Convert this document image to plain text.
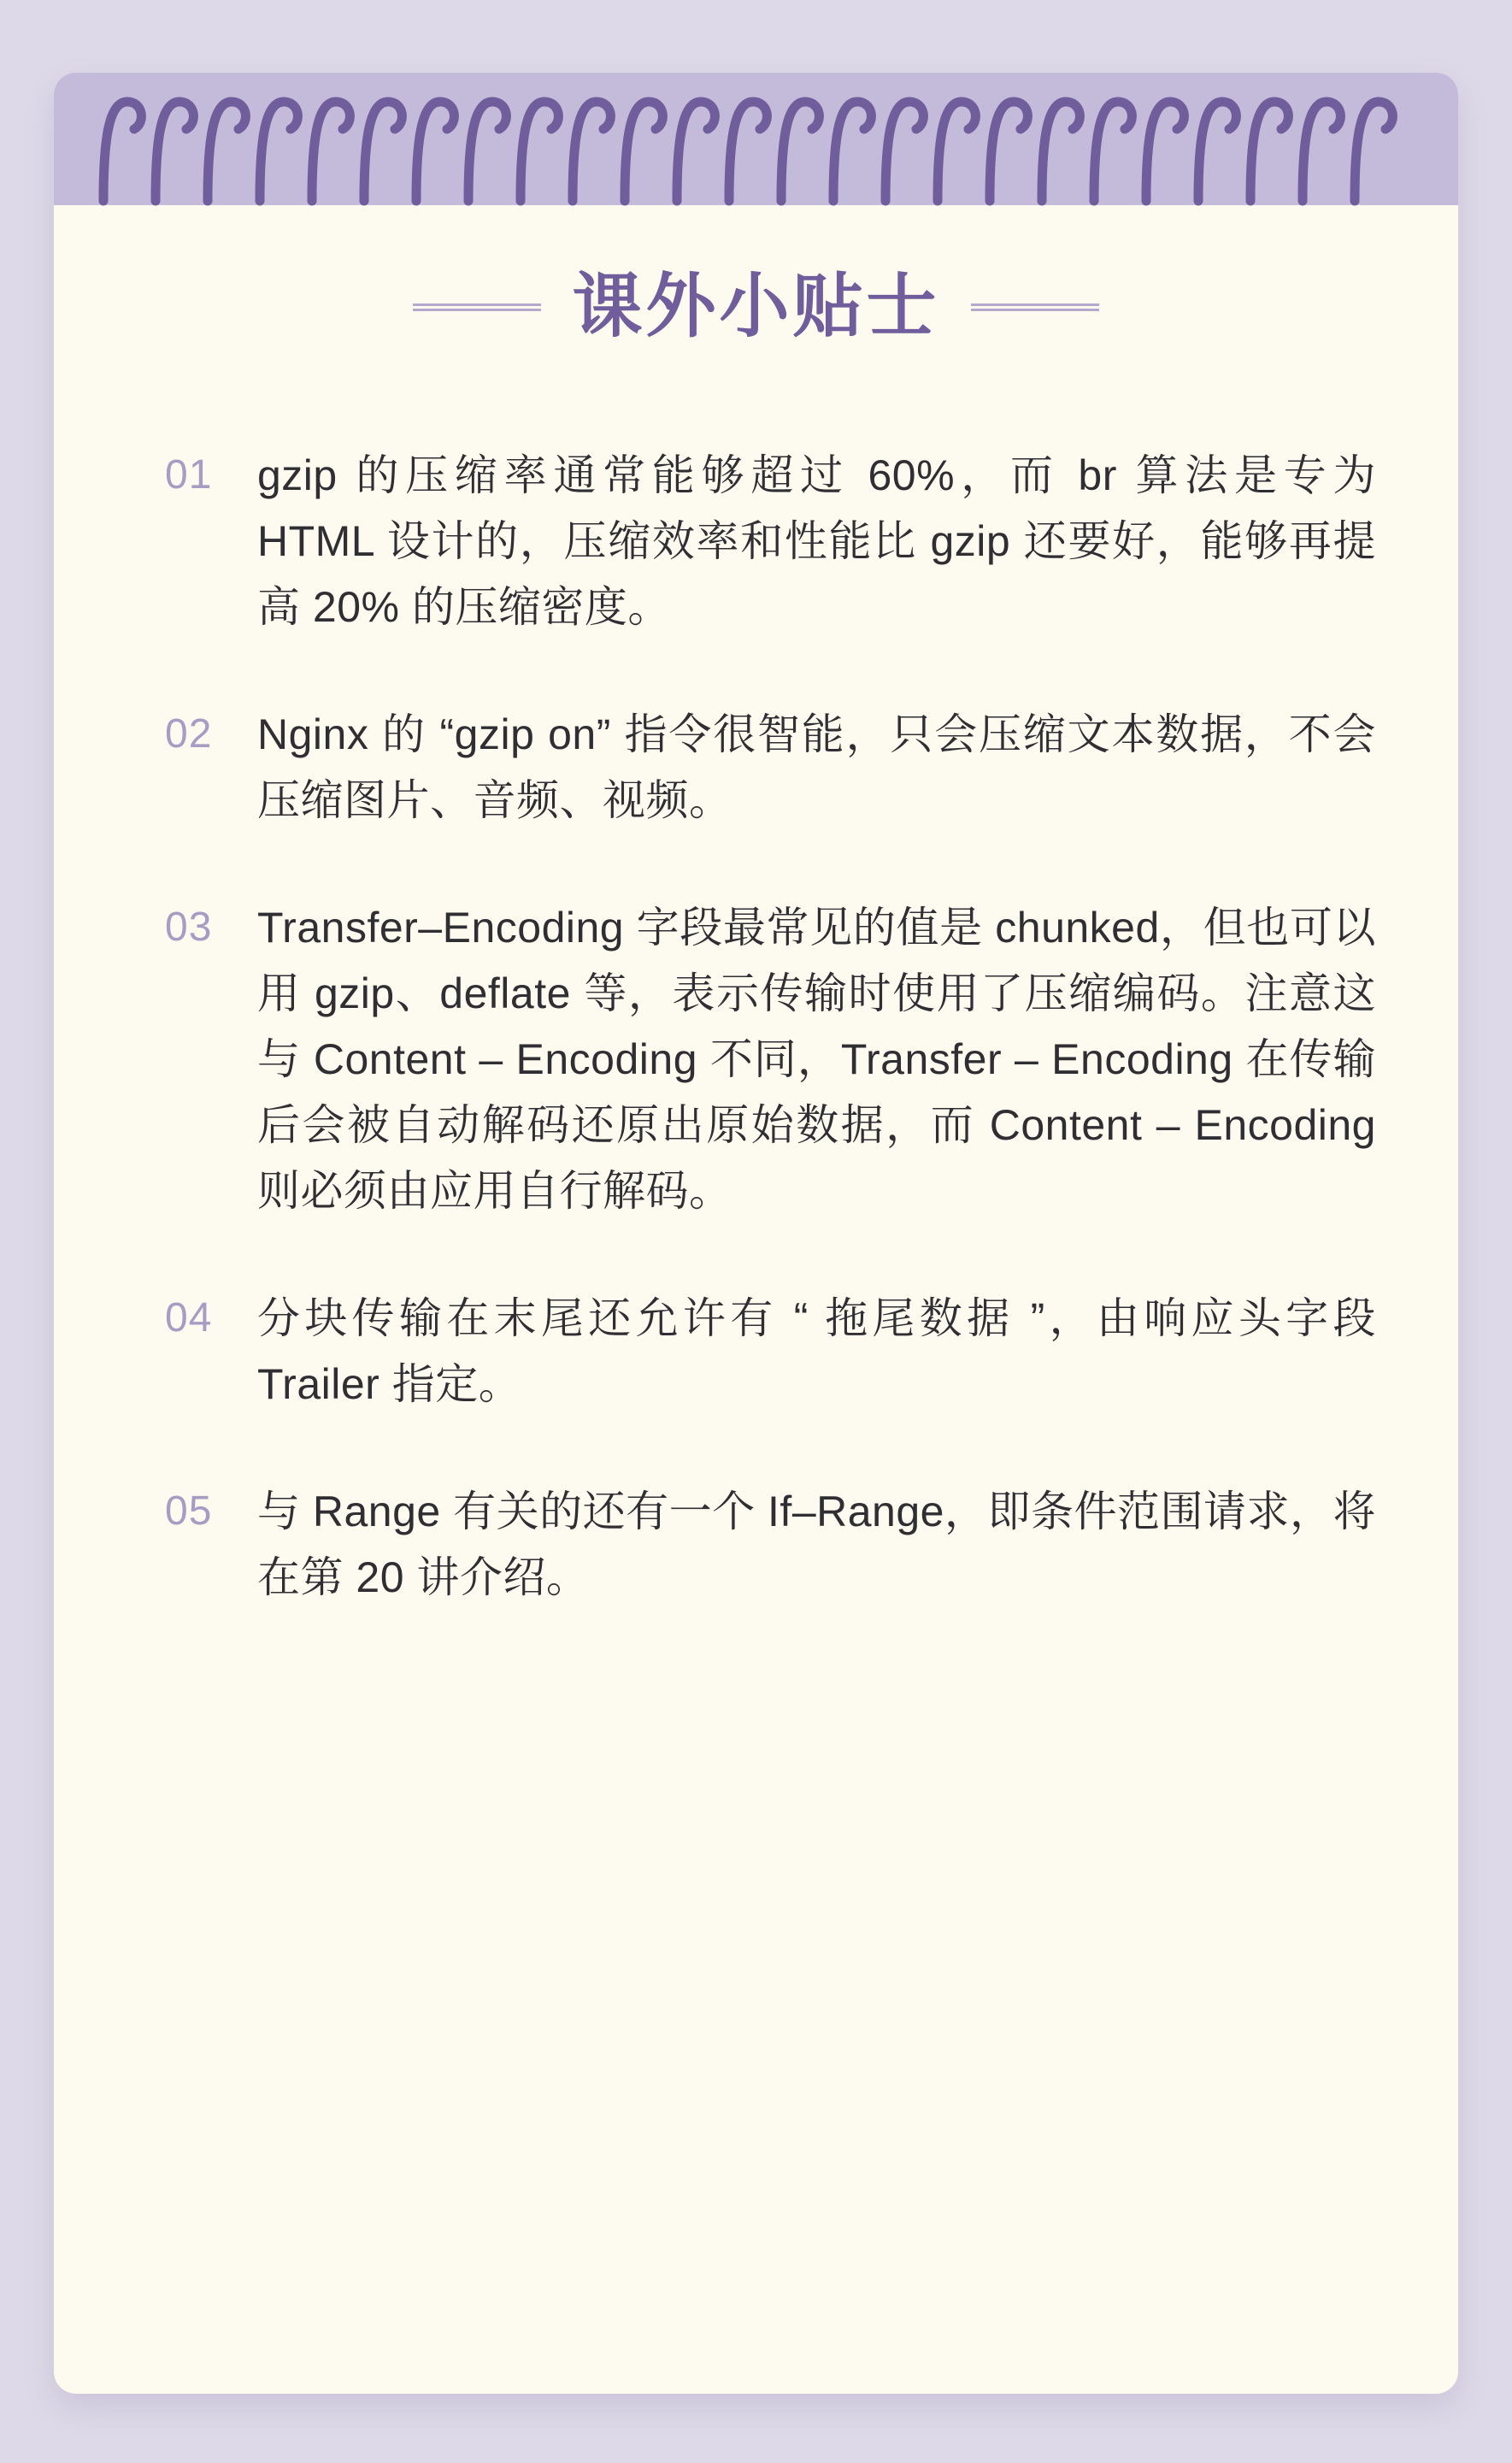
课外小贴士
01	gzip 的压缩率通常能够超过 60%，而 br 算法是专为 HTML 设计的，压缩效率和性能比 gzip 还要好，能够再提高 20% 的压缩密度。
02	Nginx 的 “gzip on” 指令很智能，只会压缩文本数据，不会压缩图片、音频、视频。
03	Transfer–Encoding 字段最常见的值是 chunked，但也可以用 gzip、deflate 等，表示传输时使用了压缩编码。注意这与 Content – Encoding 不同，Transfer – Encoding 在传输后会被自动解码还原出原始数据，而 Content – Encoding 则必须由应用自行解码。
04	分块传输在末尾还允许有 “ 拖尾数据 ”，由响应头字段 Trailer 指定。
05	与 Range 有关的还有一个 If–Range，即条件范围请求，将在第 20 讲介绍。
